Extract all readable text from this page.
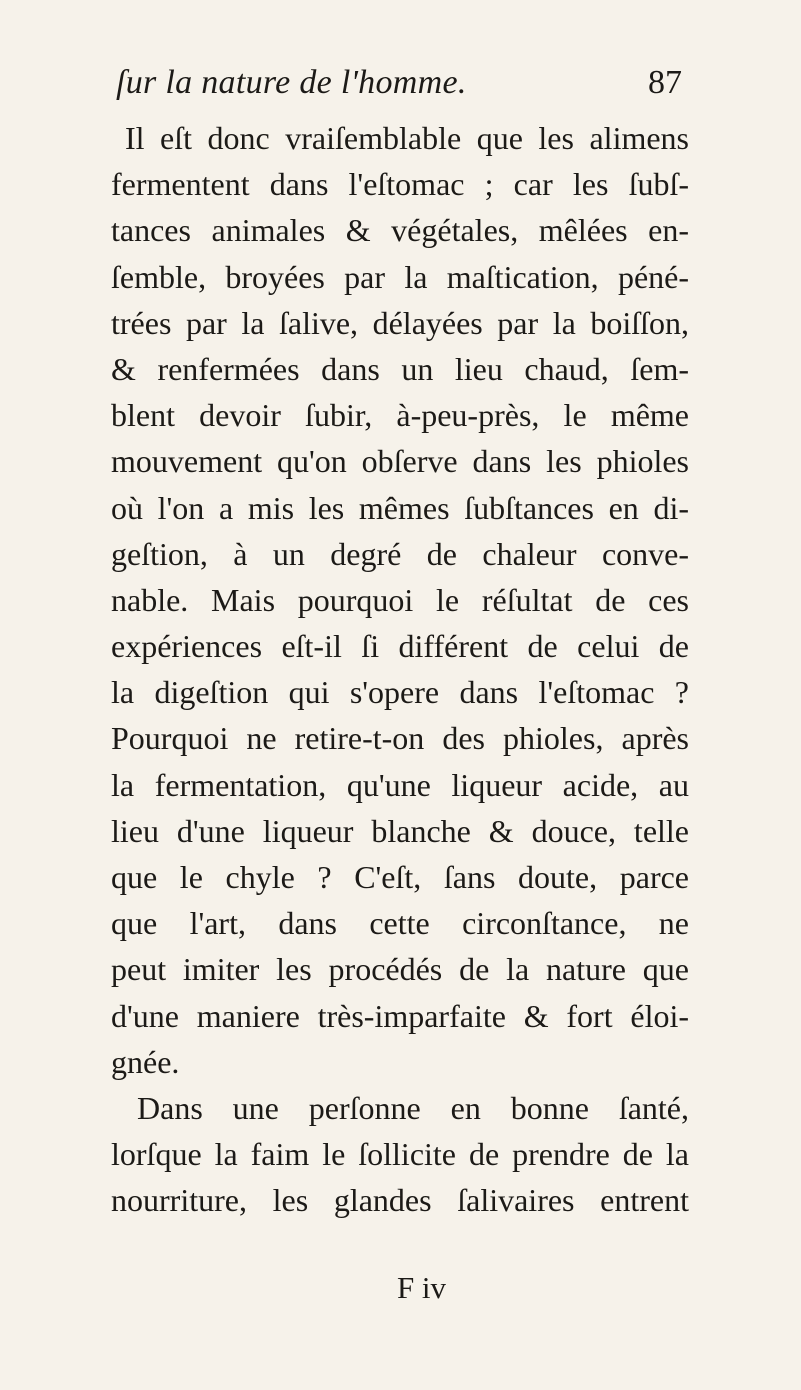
ſur la nature de l'homme.	87
Il eſt donc vraiſemblable que les alimens
fermentent dans l'eſtomac ; car les ſubſ-
tances animales & végétales, mêlées en-
ſemble, broyées par la maſtication, péné-
trées par la ſalive, délayées par la boiſſon,
& renfermées dans un lieu chaud, ſem-
blent devoir ſubir, à-peu-près, le même
mouvement qu'on obſerve dans les phioles
où l'on a mis les mêmes ſubſtances en di-
geſtion, à un degré de chaleur conve-
nable. Mais pourquoi le réſultat de ces
expériences eſt-il ſi différent de celui de
la digeſtion qui s'opere dans l'eſtomac ?
Pourquoi ne retire-t-on des phioles, après
la fermentation, qu'une liqueur acide, au
lieu d'une liqueur blanche & douce, telle
que le chyle ? C'eſt, ſans doute, parce
que l'art, dans cette circonſtance, ne
peut imiter les procédés de la nature que
d'une maniere très-imparfaite & fort éloi-
gnée.
Dans une perſonne en bonne ſanté,
lorſque la faim le ſollicite de prendre de la
nourriture, les glandes ſalivaires entrent
F iv
